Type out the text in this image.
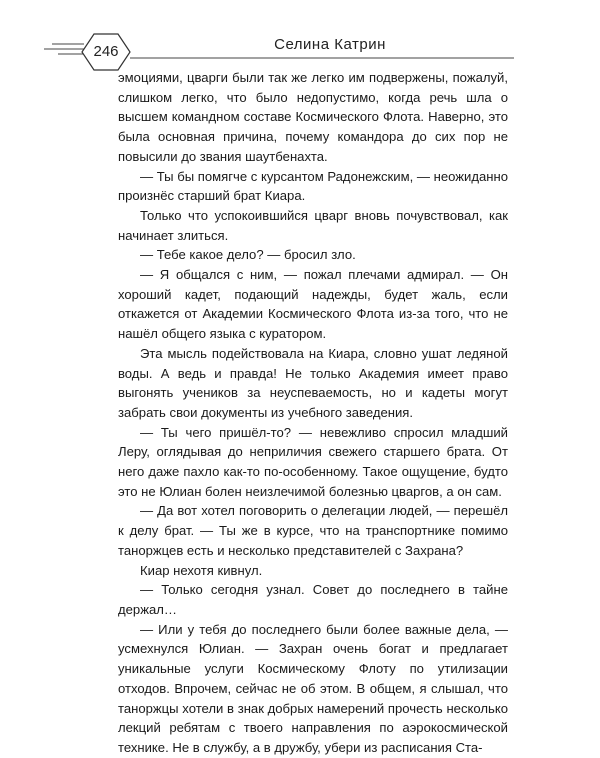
246	Селина Катрин

эмоциями, цварги были так же легко им подвержены, пожалуй, слишком легко, что было недопустимо, когда речь шла о высшем командном составе Космического Флота. Наверно, это была основная причина, почему командора до сих пор не повысили до звания шаутбенахта.

— Ты бы помягче с курсантом Радонежским, — неожиданно произнёс старший брат Киара.

Только что успокоившийся цварг вновь почувствовал, как начинает злиться.

— Тебе какое дело? — бросил зло.

— Я общался с ним, — пожал плечами адмирал. — Он хороший кадет, подающий надежды, будет жаль, если откажется от Академии Космического Флота из-за того, что не нашёл общего языка с куратором.

Эта мысль подействовала на Киара, словно ушат ледяной воды. А ведь и правда! Не только Академия имеет право выгонять учеников за неуспеваемость, но и кадеты могут забрать свои документы из учебного заведения.

— Ты чего пришёл-то? — невежливо спросил младший Леру, оглядывая до неприличия свежего старшего брата. От него даже пахло как-то по-особенному. Такое ощущение, будто это не Юлиан болен неизлечимой болезнью цваргов, а он сам.

— Да вот хотел поговорить о делегации людей, — перешёл к делу брат. — Ты же в курсе, что на транспортнике помимо таноржцев есть и несколько представителей с Захрана?

Киар нехотя кивнул.

— Только сегодня узнал. Совет до последнего в тайне держал…

— Или у тебя до последнего были более важные дела, — усмехнулся Юлиан. — Захран очень богат и предлагает уникальные услуги Космическому Флоту по утилизации отходов. Впрочем, сейчас не об этом. В общем, я слышал, что таноржцы хотели в знак добрых намерений прочесть несколько лекций ребятам с твоего направления по аэрокосмической технике. Не в службу, а в дружбу, убери из расписания Ста-
